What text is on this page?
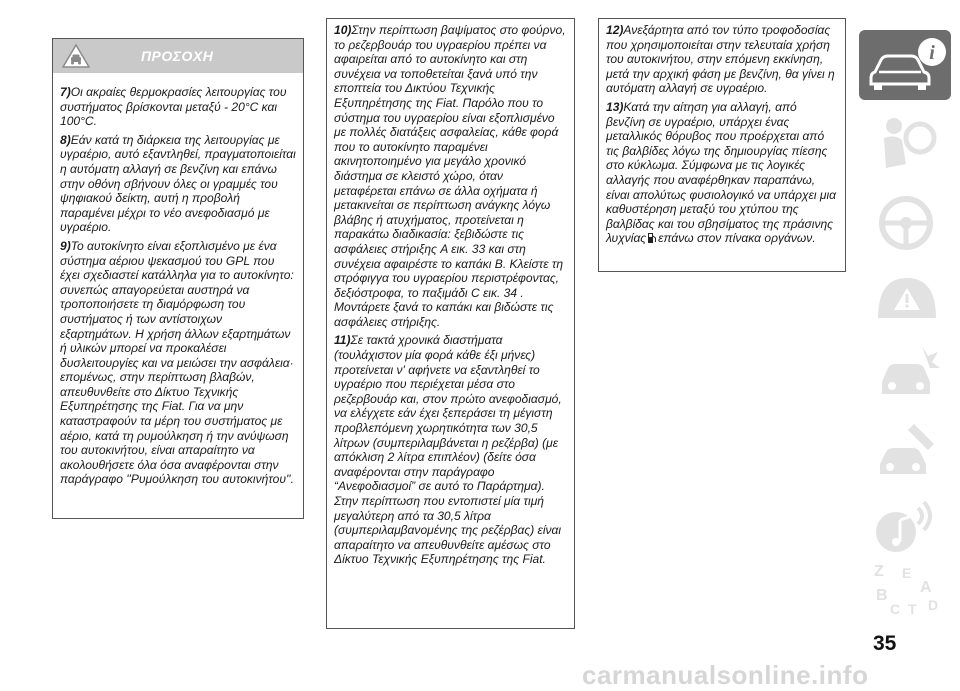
ΠΡΟΣΟΧΗ

7)Οι ακραίες θερμοκρασίες λειτουργίας του συστήματος βρίσκονται μεταξύ - 20°C και 100°C.

8)Εάν κατά τη διάρκεια της λειτουργίας με υγραέριο, αυτό εξαντληθεί, πραγματοποιείται η αυτόματη αλλαγή σε βενζίνη και επάνω στην οθόνη σβήνουν όλες οι γραμμές του ψηφιακού δείκτη, αυτή η προβολή παραμένει μέχρι το νέο ανεφοδιασμό με υγραέριο.

9)Το αυτοκίνητο είναι εξοπλισμένο με ένα σύστημα αέριου ψεκασμού του GPL που έχει σχεδιαστεί κατάλληλα για το αυτοκίνητο: συνεπώς απαγορεύεται αυστηρά να τροποποιήσετε τη διαμόρφωση του συστήματος ή των αντίστοιχων εξαρτημάτων. Η χρήση άλλων εξαρτημάτων ή υλικών μπορεί να προκαλέσει δυσλειτουργίες και να μειώσει την ασφάλεια· επομένως, στην περίπτωση βλαβών, απευθυνθείτε στο Δίκτυο Τεχνικής Εξυπηρέτησης της Fiat. Για να μην καταστραφούν τα μέρη του συστήματος με αέριο, κατά τη ρυμούλκηση ή την ανύψωση του αυτοκινήτου, είναι απαραίτητο να ακολουθήσετε όλα όσα αναφέρονται στην παράγραφο ''Ρυμούλκηση του αυτοκινήτου''.

10)Στην περίπτωση βαψίματος στο φούρνο, το ρεζερβουάρ του υγραερίου πρέπει να αφαιρείται από το αυτοκίνητο και στη συνέχεια να τοποθετείται ξανά υπό την εποπτεία του Δικτύου Τεχνικής Εξυπηρέτησης της Fiat. Παρόλο που το σύστημα του υγραερίου είναι εξοπλισμένο με πολλές διατάξεις ασφαλείας, κάθε φορά που το αυτοκίνητο παραμένει ακινητοποιημένο για μεγάλο χρονικό διάστημα σε κλειστό χώρο, όταν μεταφέρεται επάνω σε άλλα οχήματα ή μετακινείται σε περίπτωση ανάγκης λόγω βλάβης ή ατυχήματος, προτείνεται η παρακάτω διαδικασία: ξεβιδώστε τις ασφάλειες στήριξης A εικ. 33 και στη συνέχεια αφαιρέστε το καπάκι B. Κλείστε τη στρόφιγγα του υγραερίου περιστρέφοντας, δεξιόστροφα, το παξιμάδι C εικ. 34 . Μοντάρετε ξανά το καπάκι και βιδώστε τις ασφάλειες στήριξης.

11)Σε τακτά χρονικά διαστήματα (τουλάχιστον μία φορά κάθε έξι μήνες) προτείνεται ν' αφήνετε να εξαντληθεί το υγραέριο που περιέχεται μέσα στο ρεζερβουάρ και, στον πρώτο ανεφοδιασμό, να ελέγχετε εάν έχει ξεπεράσει τη μέγιστη προβλεπόμενη χωρητικότητα των 30,5 λίτρων (συμπεριλαμβάνεται η ρεζέρβα) (με απόκλιση 2 λίτρα επιπλέον) (δείτε όσα αναφέρονται στην παράγραφο “Ανεφοδιασμοί” σε αυτό το Παράρτημα). Στην περίπτωση που εντοπιστεί μία τιμή μεγαλύτερη από τα 30,5 λίτρα (συμπεριλαμβανομένης της ρεζέρβας) είναι απαραίτητο να απευθυνθείτε αμέσως στο Δίκτυο Τεχνικής Εξυπηρέτησης της Fiat.

12)Ανεξάρτητα από τον τύπο τροφοδοσίας που χρησιμοποιείται στην τελευταία χρήση του αυτοκινήτου, στην επόμενη εκκίνηση, μετά την αρχική φάση με βενζίνη, θα γίνει η αυτόματη αλλαγή σε υγραέριο.

13)Κατά την αίτηση για αλλαγή, από βενζίνη σε υγραέριο, υπάρχει ένας μεταλλικός θόρυβος που προέρχεται από τις βαλβίδες λόγω της δημιουργίας πίεσης στο κύκλωμα. Σύμφωνα με τις λογικές αλλαγής που αναφέρθηκαν παραπάνω, είναι απολύτως φυσιολογικό να υπάρχει μια καθυστέρηση μεταξύ του χτύπου της βαλβίδας και του σβησίματος της πράσινης λυχνίας επάνω στον πίνακα οργάνων.

i
Z E
A
B
C T D
35
carmanualsonline.info
